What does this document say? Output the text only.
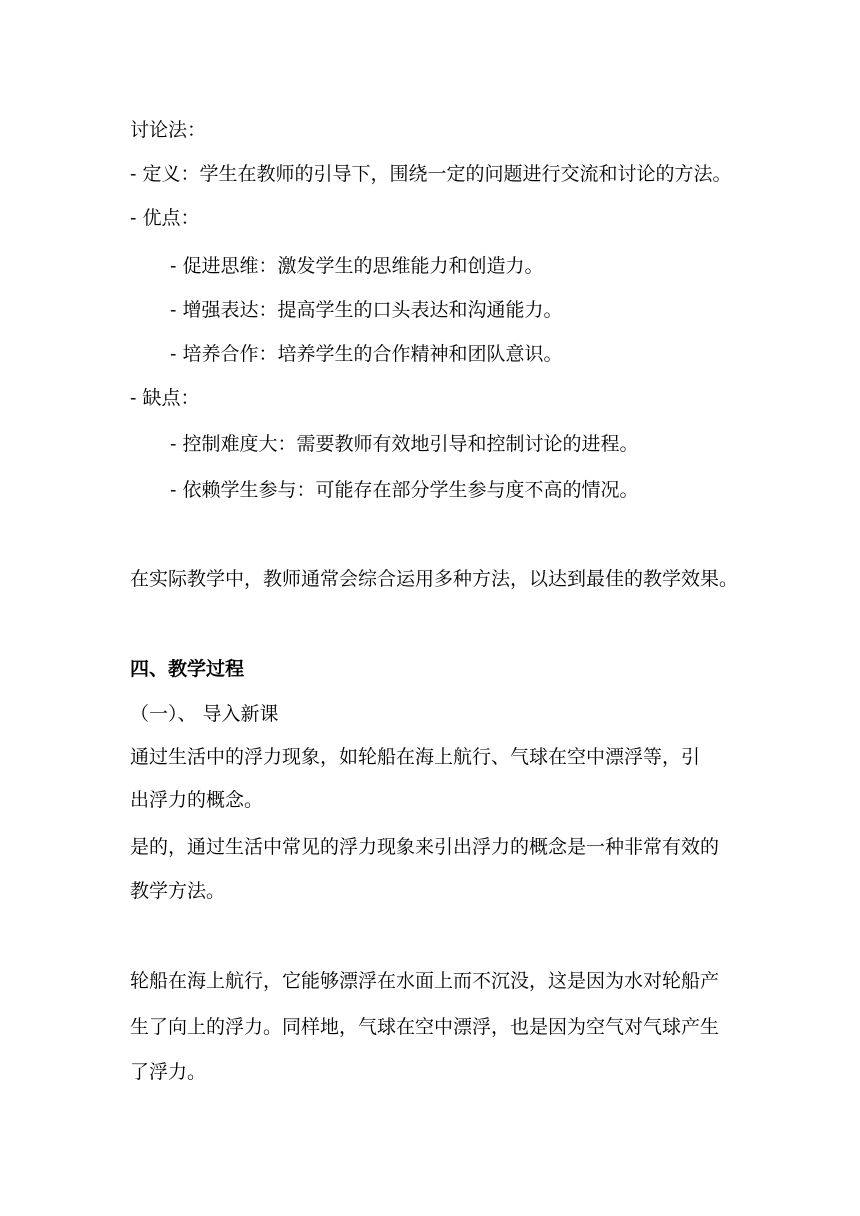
讨论法：
- 定义：学生在教师的引导下，围绕一定的问题进行交流和讨论的方法。
- 优点：
- 促进思维：激发学生的思维能力和创造力。
- 增强表达：提高学生的口头表达和沟通能力。
- 培养合作：培养学生的合作精神和团队意识。
- 缺点：
- 控制难度大：需要教师有效地引导和控制讨论的进程。
- 依赖学生参与：可能存在部分学生参与度不高的情况。
在实际教学中，教师通常会综合运用多种方法，以达到最佳的教学效果。
四、教学过程
（一）、 导入新课
通过生活中的浮力现象，如轮船在海上航行、气球在空中漂浮等，引
出浮力的概念。
是的，通过生活中常见的浮力现象来引出浮力的概念是一种非常有效的
教学方法。
轮船在海上航行，它能够漂浮在水面上而不沉没，这是因为水对轮船产
生了向上的浮力。同样地，气球在空中漂浮，也是因为空气对气球产生
了浮力。
